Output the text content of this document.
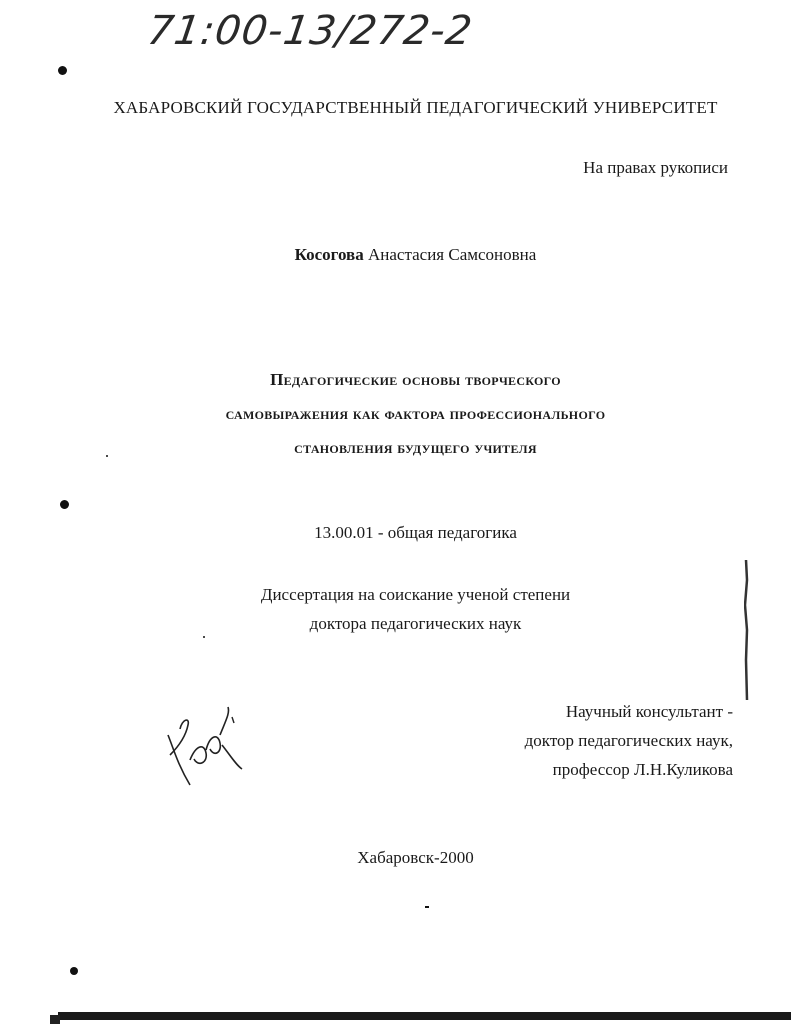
71:00-13/272-2
ХАБАРОВСКИЙ ГОСУДАРСТВЕННЫЙ ПЕДАГОГИЧЕСКИЙ УНИВЕРСИТЕТ
На правах рукописи
Косогова Анастасия Самсоновна
Педагогические основы творческого
самовыражения как фактора профессионального
становления будущего учителя
13.00.01 - общая педагогика
Диссертация на соискание ученой степени
доктора педагогических наук
Научный консультант -
доктор педагогических наук,
профессор Л.Н.Куликова
Хабаровск-2000
